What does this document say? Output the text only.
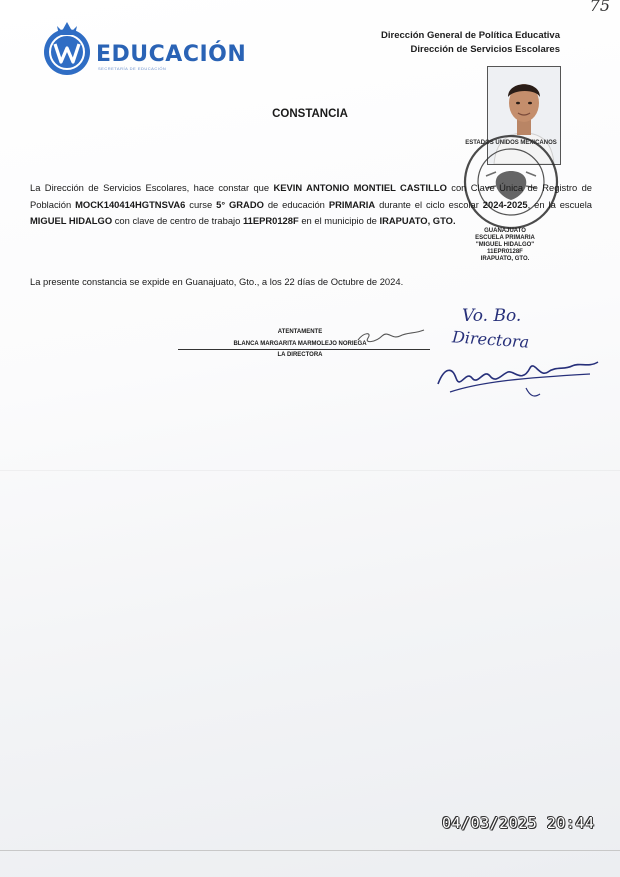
75
EDUCACIÓN
SECRETARÍA DE EDUCACIÓN
Dirección General de Política Educativa
Dirección de Servicios Escolares
CONSTANCIA
ESTADOS UNIDOS MEXICANOS
GUANAJUATO
ESCUELA PRIMARIA
"MIGUEL HIDALGO"
11EPR0128F
IRAPUATO, GTO.
La Dirección de Servicios Escolares, hace constar que KEVIN ANTONIO MONTIEL CASTILLO con Clave Única de Registro de Población MOCK140414HGTNSVA6 curse 5° GRADO de educación PRIMARIA durante el ciclo escolar 2024-2025, en la escuela MIGUEL HIDALGO con clave de centro de trabajo 11EPR0128F en el municipio de IRAPUATO, GTO.
La presente constancia se expide en Guanajuato, Gto., a los 22 días de Octubre de 2024.
ATENTAMENTE
BLANCA MARGARITA MARMOLEJO NORIEGA
LA DIRECTORA
Vo. Bo.
Directora
04/03/2025 20:44
